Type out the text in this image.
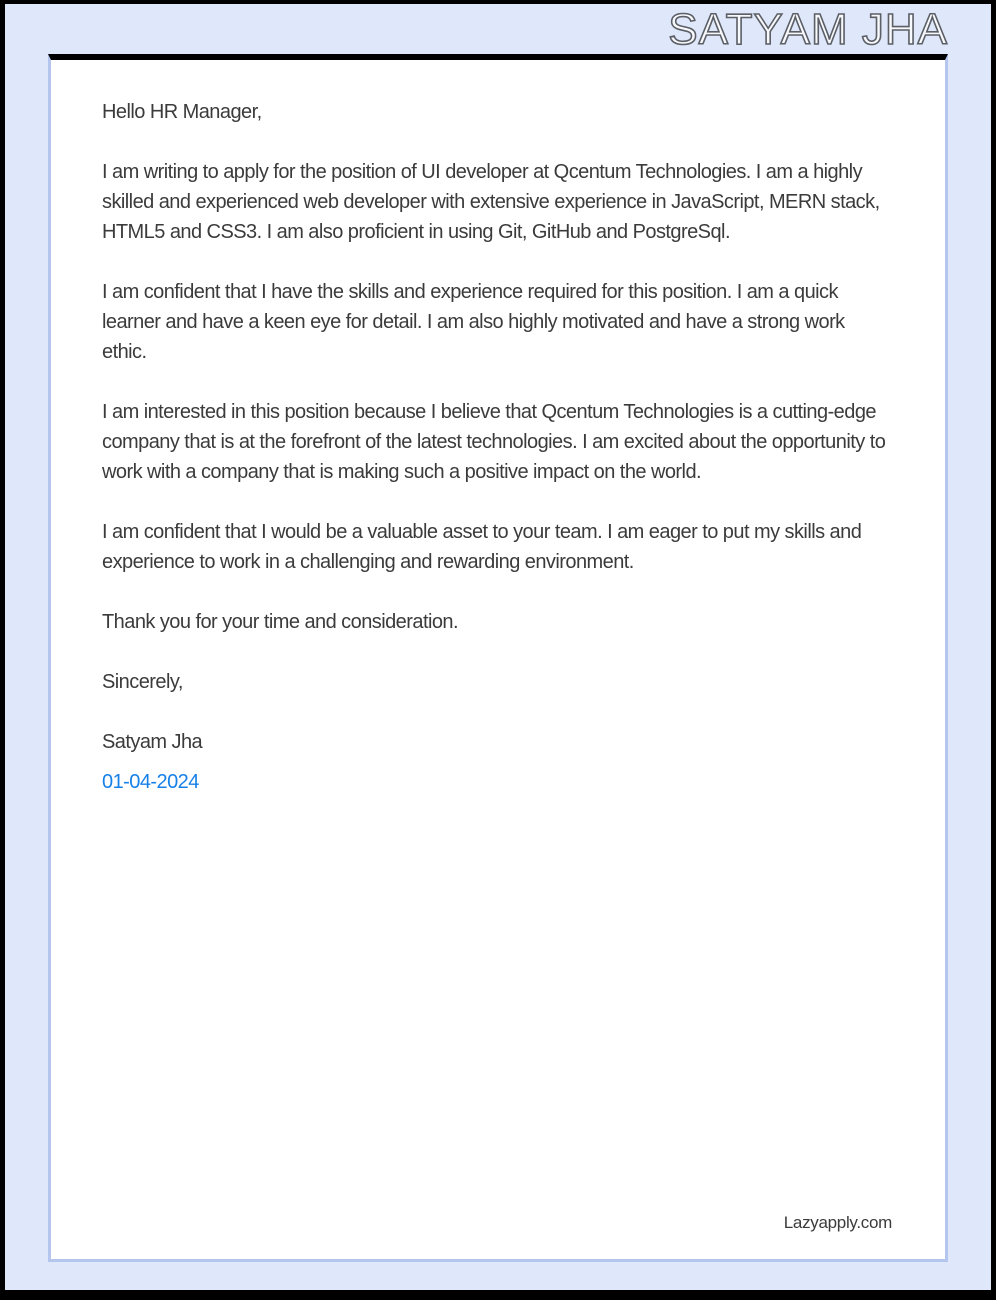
SATYAM JHA

Hello HR Manager,

I am writing to apply for the position of UI developer at Qcentum Technologies. I am a highly skilled and experienced web developer with extensive experience in JavaScript, MERN stack, HTML5 and CSS3. I am also proficient in using Git, GitHub and PostgreSql.

I am confident that I have the skills and experience required for this position. I am a quick learner and have a keen eye for detail. I am also highly motivated and have a strong work ethic.

I am interested in this position because I believe that Qcentum Technologies is a cutting-edge company that is at the forefront of the latest technologies. I am excited about the opportunity to work with a company that is making such a positive impact on the world.

I am confident that I would be a valuable asset to your team. I am eager to put my skills and experience to work in a challenging and rewarding environment.

Thank you for your time and consideration.

Sincerely,

Satyam Jha

01-04-2024

Lazyapply.com
